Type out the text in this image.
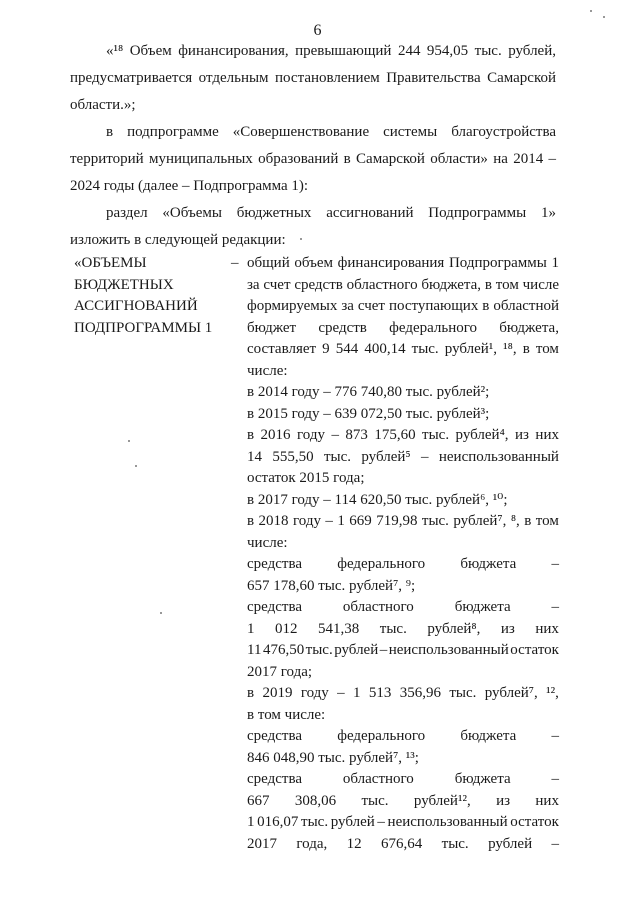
6
«¹⁸ Объем финансирования, превышающий 244 954,05 тыс. рублей, предусматривается отдельным постановлением Правительства Самарской области.»;
в подпрограмме «Совершенствование системы благоустройства территорий муниципальных образований в Самарской области» на 2014 – 2024 годы (далее – Подпрограмма 1):
раздел «Объемы бюджетных ассигнований Подпрограммы 1» изложить в следующей редакции:
«ОБЪЕМЫ
БЮДЖЕТНЫХ
АССИГНОВАНИЙ
ПОДПРОГРАММЫ 1
– общий объем финансирования Подпрограммы 1
за счет средств областного бюджета, в том числе
формируемых за счет поступающих в областной
бюджет средств федерального бюджета,
составляет 9 544 400,14 тыс. рублей¹, ¹⁸, в том
числе:
в 2014 году – 776 740,80 тыс. рублей²;
в 2015 году – 639 072,50 тыс. рублей³;
в 2016 году – 873 175,60 тыс. рублей⁴, из них
14 555,50 тыс. рублей⁵ – неиспользованный
остаток 2015 года;
в 2017 году – 114 620,50 тыс. рублей⁶, ¹⁰;
в 2018 году – 1 669 719,98 тыс. рублей⁷, ⁸, в том
числе:
средства федерального бюджета –
657 178,60 тыс. рублей⁷, ⁹;
средства	областного	бюджета	–
1 012 541,38 тыс. рублей⁸, из них
11 476,50 тыс. рублей – неиспользованный остаток
2017 года;
в 2019 году – 1 513 356,96 тыс. рублей⁷, ¹²,
в том числе:
средства федерального бюджета –
846 048,90 тыс. рублей⁷, ¹³;
средства	областного	бюджета	–
667 308,06 тыс. рублей¹², из них
1 016,07 тыс. рублей – неиспользованный остаток
2017 года, 12 676,64 тыс. рублей –
